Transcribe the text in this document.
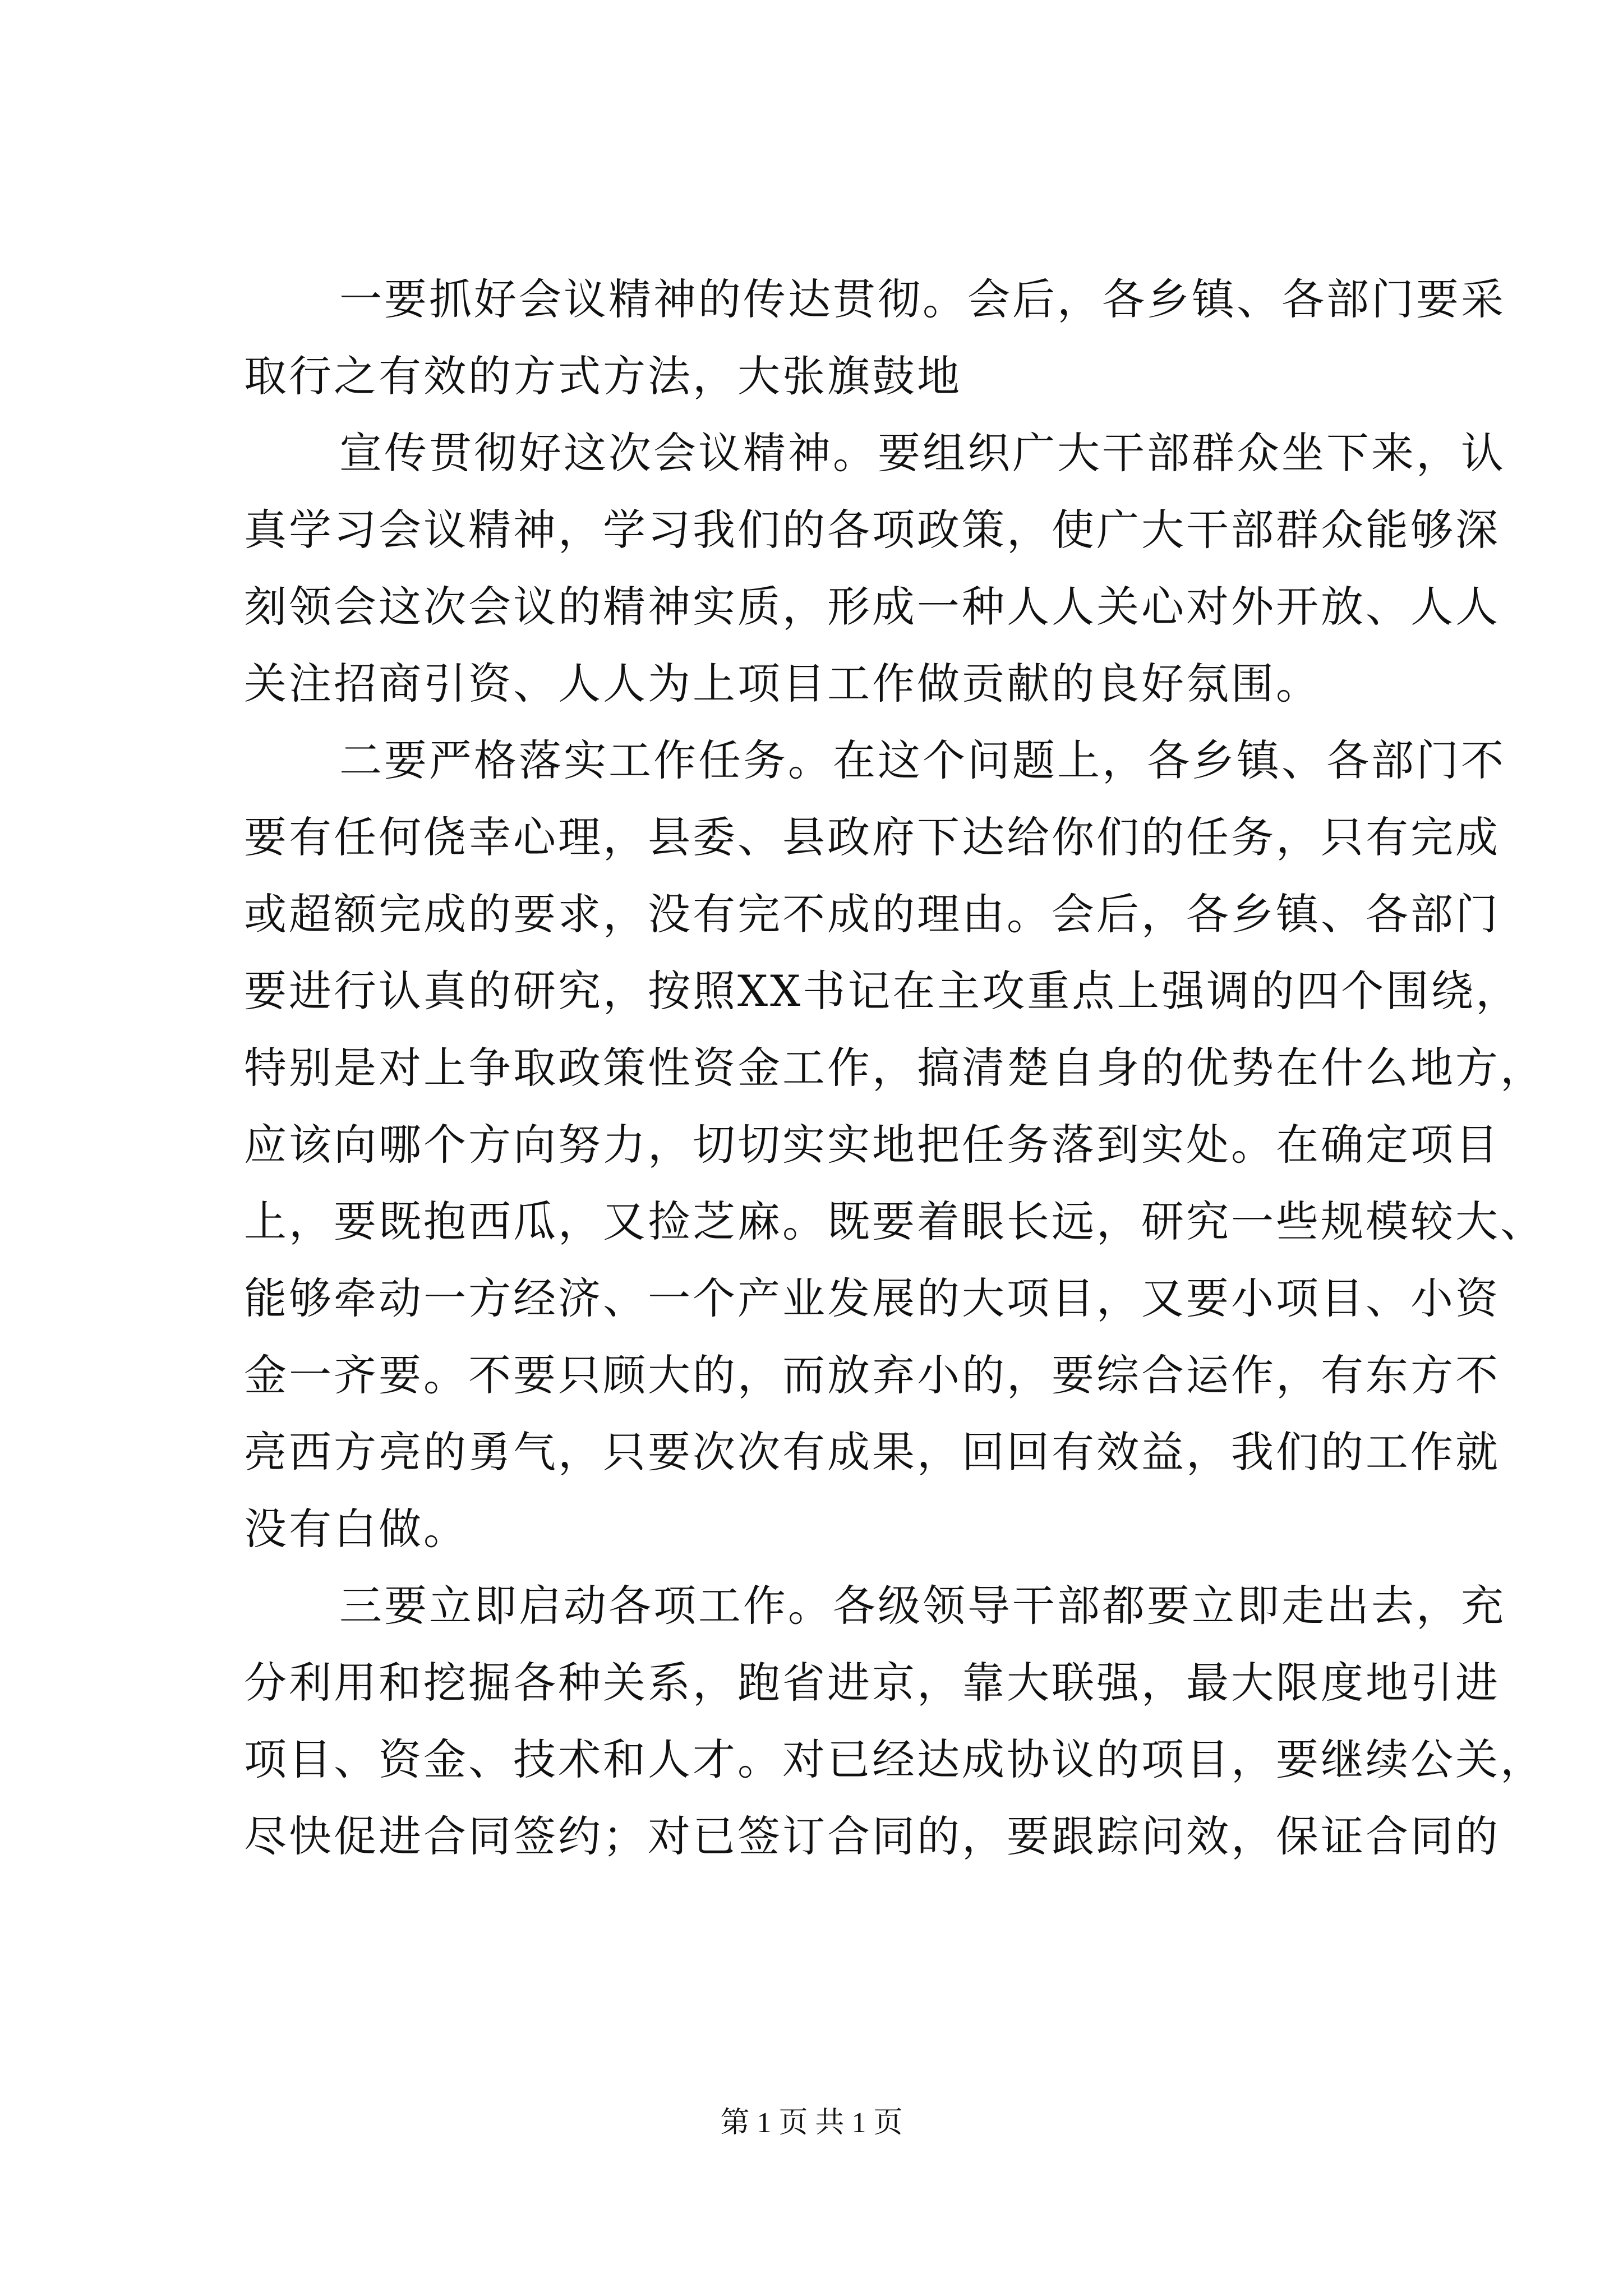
一要抓好会议精神的传达贯彻。会后，各乡镇、各部门要采
取行之有效的方式方法，大张旗鼓地
宣传贯彻好这次会议精神。要组织广大干部群众坐下来，认
真学习会议精神，学习我们的各项政策，使广大干部群众能够深
刻领会这次会议的精神实质，形成一种人人关心对外开放、人人
关注招商引资、人人为上项目工作做贡献的良好氛围。
二要严格落实工作任务。在这个问题上，各乡镇、各部门不
要有任何侥幸心理，县委、县政府下达给你们的任务，只有完成
或超额完成的要求，没有完不成的理由。会后，各乡镇、各部门
要进行认真的研究，按照XX书记在主攻重点上强调的四个围绕，
特别是对上争取政策性资金工作，搞清楚自身的优势在什么地方，
应该向哪个方向努力，切切实实地把任务落到实处。在确定项目
上，要既抱西瓜，又捡芝麻。既要着眼长远，研究一些规模较大、
能够牵动一方经济、一个产业发展的大项目，又要小项目、小资
金一齐要。不要只顾大的，而放弃小的，要综合运作，有东方不
亮西方亮的勇气，只要次次有成果，回回有效益，我们的工作就
没有白做。
三要立即启动各项工作。各级领导干部都要立即走出去，充
分利用和挖掘各种关系，跑省进京，靠大联强，最大限度地引进
项目、资金、技术和人才。对已经达成协议的项目，要继续公关，
尽快促进合同签约；对已签订合同的，要跟踪问效，保证合同的
第 1 页 共 1 页
